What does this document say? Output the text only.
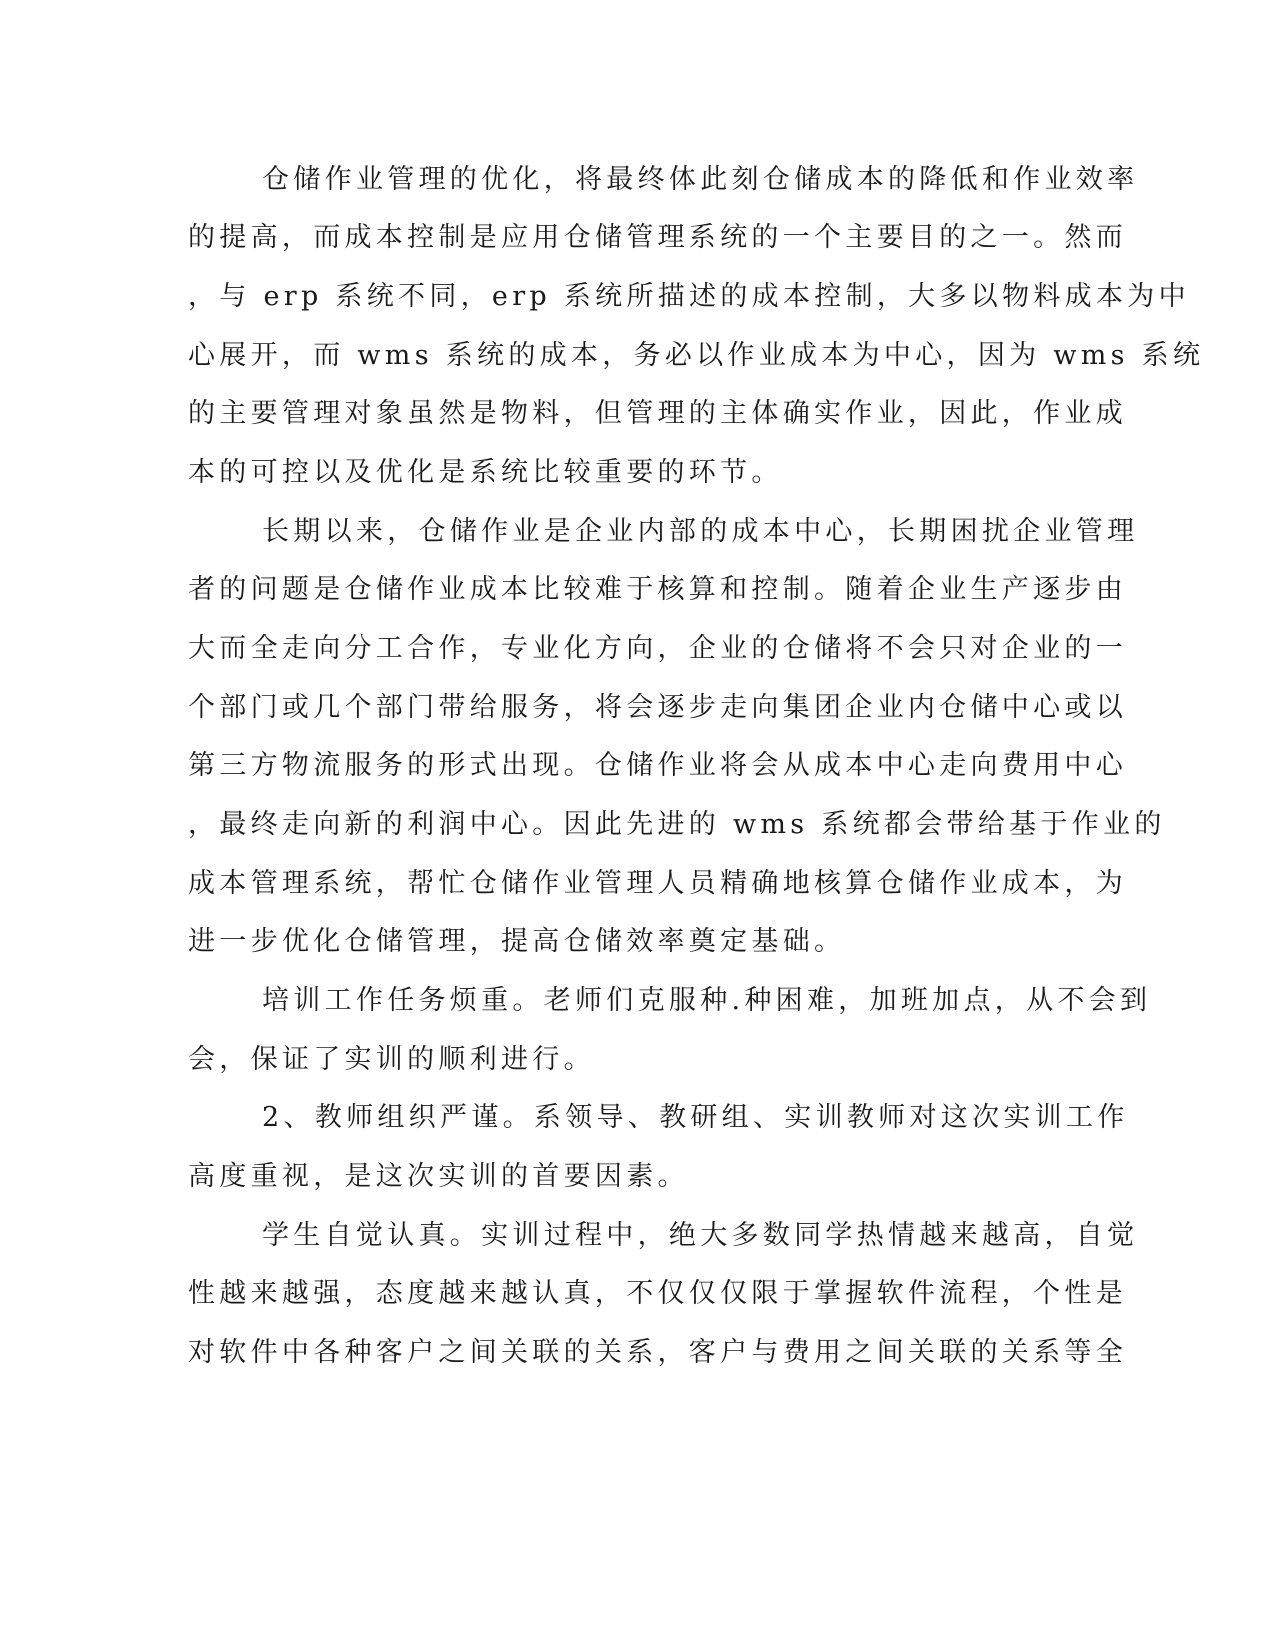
仓储作业管理的优化，将最终体此刻仓储成本的降低和作业效率
的提高，而成本控制是应用仓储管理系统的一个主要目的之一。然而
，与 erp 系统不同，erp 系统所描述的成本控制，大多以物料成本为中
心展开，而 wms 系统的成本，务必以作业成本为中心，因为 wms 系统
的主要管理对象虽然是物料，但管理的主体确实作业，因此，作业成
本的可控以及优化是系统比较重要的环节。
长期以来，仓储作业是企业内部的成本中心，长期困扰企业管理
者的问题是仓储作业成本比较难于核算和控制。随着企业生产逐步由
大而全走向分工合作，专业化方向，企业的仓储将不会只对企业的一
个部门或几个部门带给服务，将会逐步走向集团企业内仓储中心或以
第三方物流服务的形式出现。仓储作业将会从成本中心走向费用中心
，最终走向新的利润中心。因此先进的 wms 系统都会带给基于作业的
成本管理系统，帮忙仓储作业管理人员精确地核算仓储作业成本，为
进一步优化仓储管理，提高仓储效率奠定基础。
培训工作任务烦重。老师们克服种.种困难，加班加点，从不会到
会，保证了实训的顺利进行。
2、教师组织严谨。系领导、教研组、实训教师对这次实训工作
高度重视，是这次实训的首要因素。
学生自觉认真。实训过程中，绝大多数同学热情越来越高，自觉
性越来越强，态度越来越认真，不仅仅仅限于掌握软件流程，个性是
对软件中各种客户之间关联的关系，客户与费用之间关联的关系等全
